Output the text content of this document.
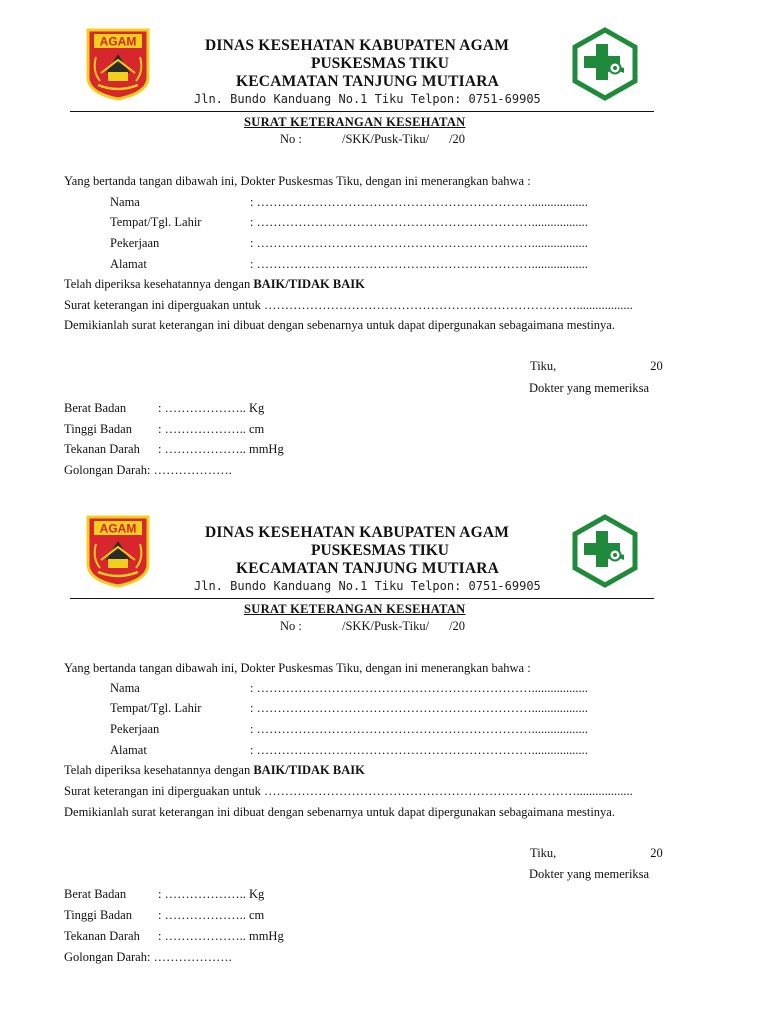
AGAM	DINAS KESEHATAN KABUPATEN AGAM
PUSKESMAS TIKU
KECAMATAN TANJUNG MUTIARA
Jln. Bundo Kanduang No.1 Tiku Telpon: 0751-69905
SURAT KETERANGAN KESEHATAN
No :	/SKK/Pusk-Tiku/ /20
Yang bertanda tangan dibawah ini, Dokter Puskesmas Tiku, dengan ini menerangkan bahwa :
Nama	: …………………………………………………………..................
Tempat/Tgl. Lahir	: …………………………………………………………..................
Pekerjaan	: …………………………………………………………..................
Alamat	: …………………………………………………………..................
Telah diperiksa kesehatannya dengan BAIK/TIDAK BAIK
Surat keterangan ini diperguakan untuk …………………………………………………………………..................
Demikianlah surat keterangan ini dibuat dengan sebenarnya untuk dapat dipergunakan sebagaimana mestinya.
Tiku,	20
Dokter yang memeriksa
Berat Badan	: ……………….. Kg
Tinggi Badan : ……………….. cm
Tekanan Darah : ……………….. mmHg
Golongan Darah: ……………….
AGAM	DINAS KESEHATAN KABUPATEN AGAM
PUSKESMAS TIKU
KECAMATAN TANJUNG MUTIARA
Jln. Bundo Kanduang No.1 Tiku Telpon: 0751-69905
SURAT KETERANGAN KESEHATAN
No :	/SKK/Pusk-Tiku/ /20
Yang bertanda tangan dibawah ini, Dokter Puskesmas Tiku, dengan ini menerangkan bahwa :
Nama	: …………………………………………………………..................
Tempat/Tgl. Lahir	: …………………………………………………………..................
Pekerjaan	: …………………………………………………………..................
Alamat	: …………………………………………………………..................
Telah diperiksa kesehatannya dengan BAIK/TIDAK BAIK
Surat keterangan ini diperguakan untuk …………………………………………………………………..................
Demikianlah surat keterangan ini dibuat dengan sebenarnya untuk dapat dipergunakan sebagaimana mestinya.
Tiku,	20
Dokter yang memeriksa
Berat Badan	: ……………….. Kg
Tinggi Badan : ……………….. cm
Tekanan Darah : ……………….. mmHg
Golongan Darah: ……………….
